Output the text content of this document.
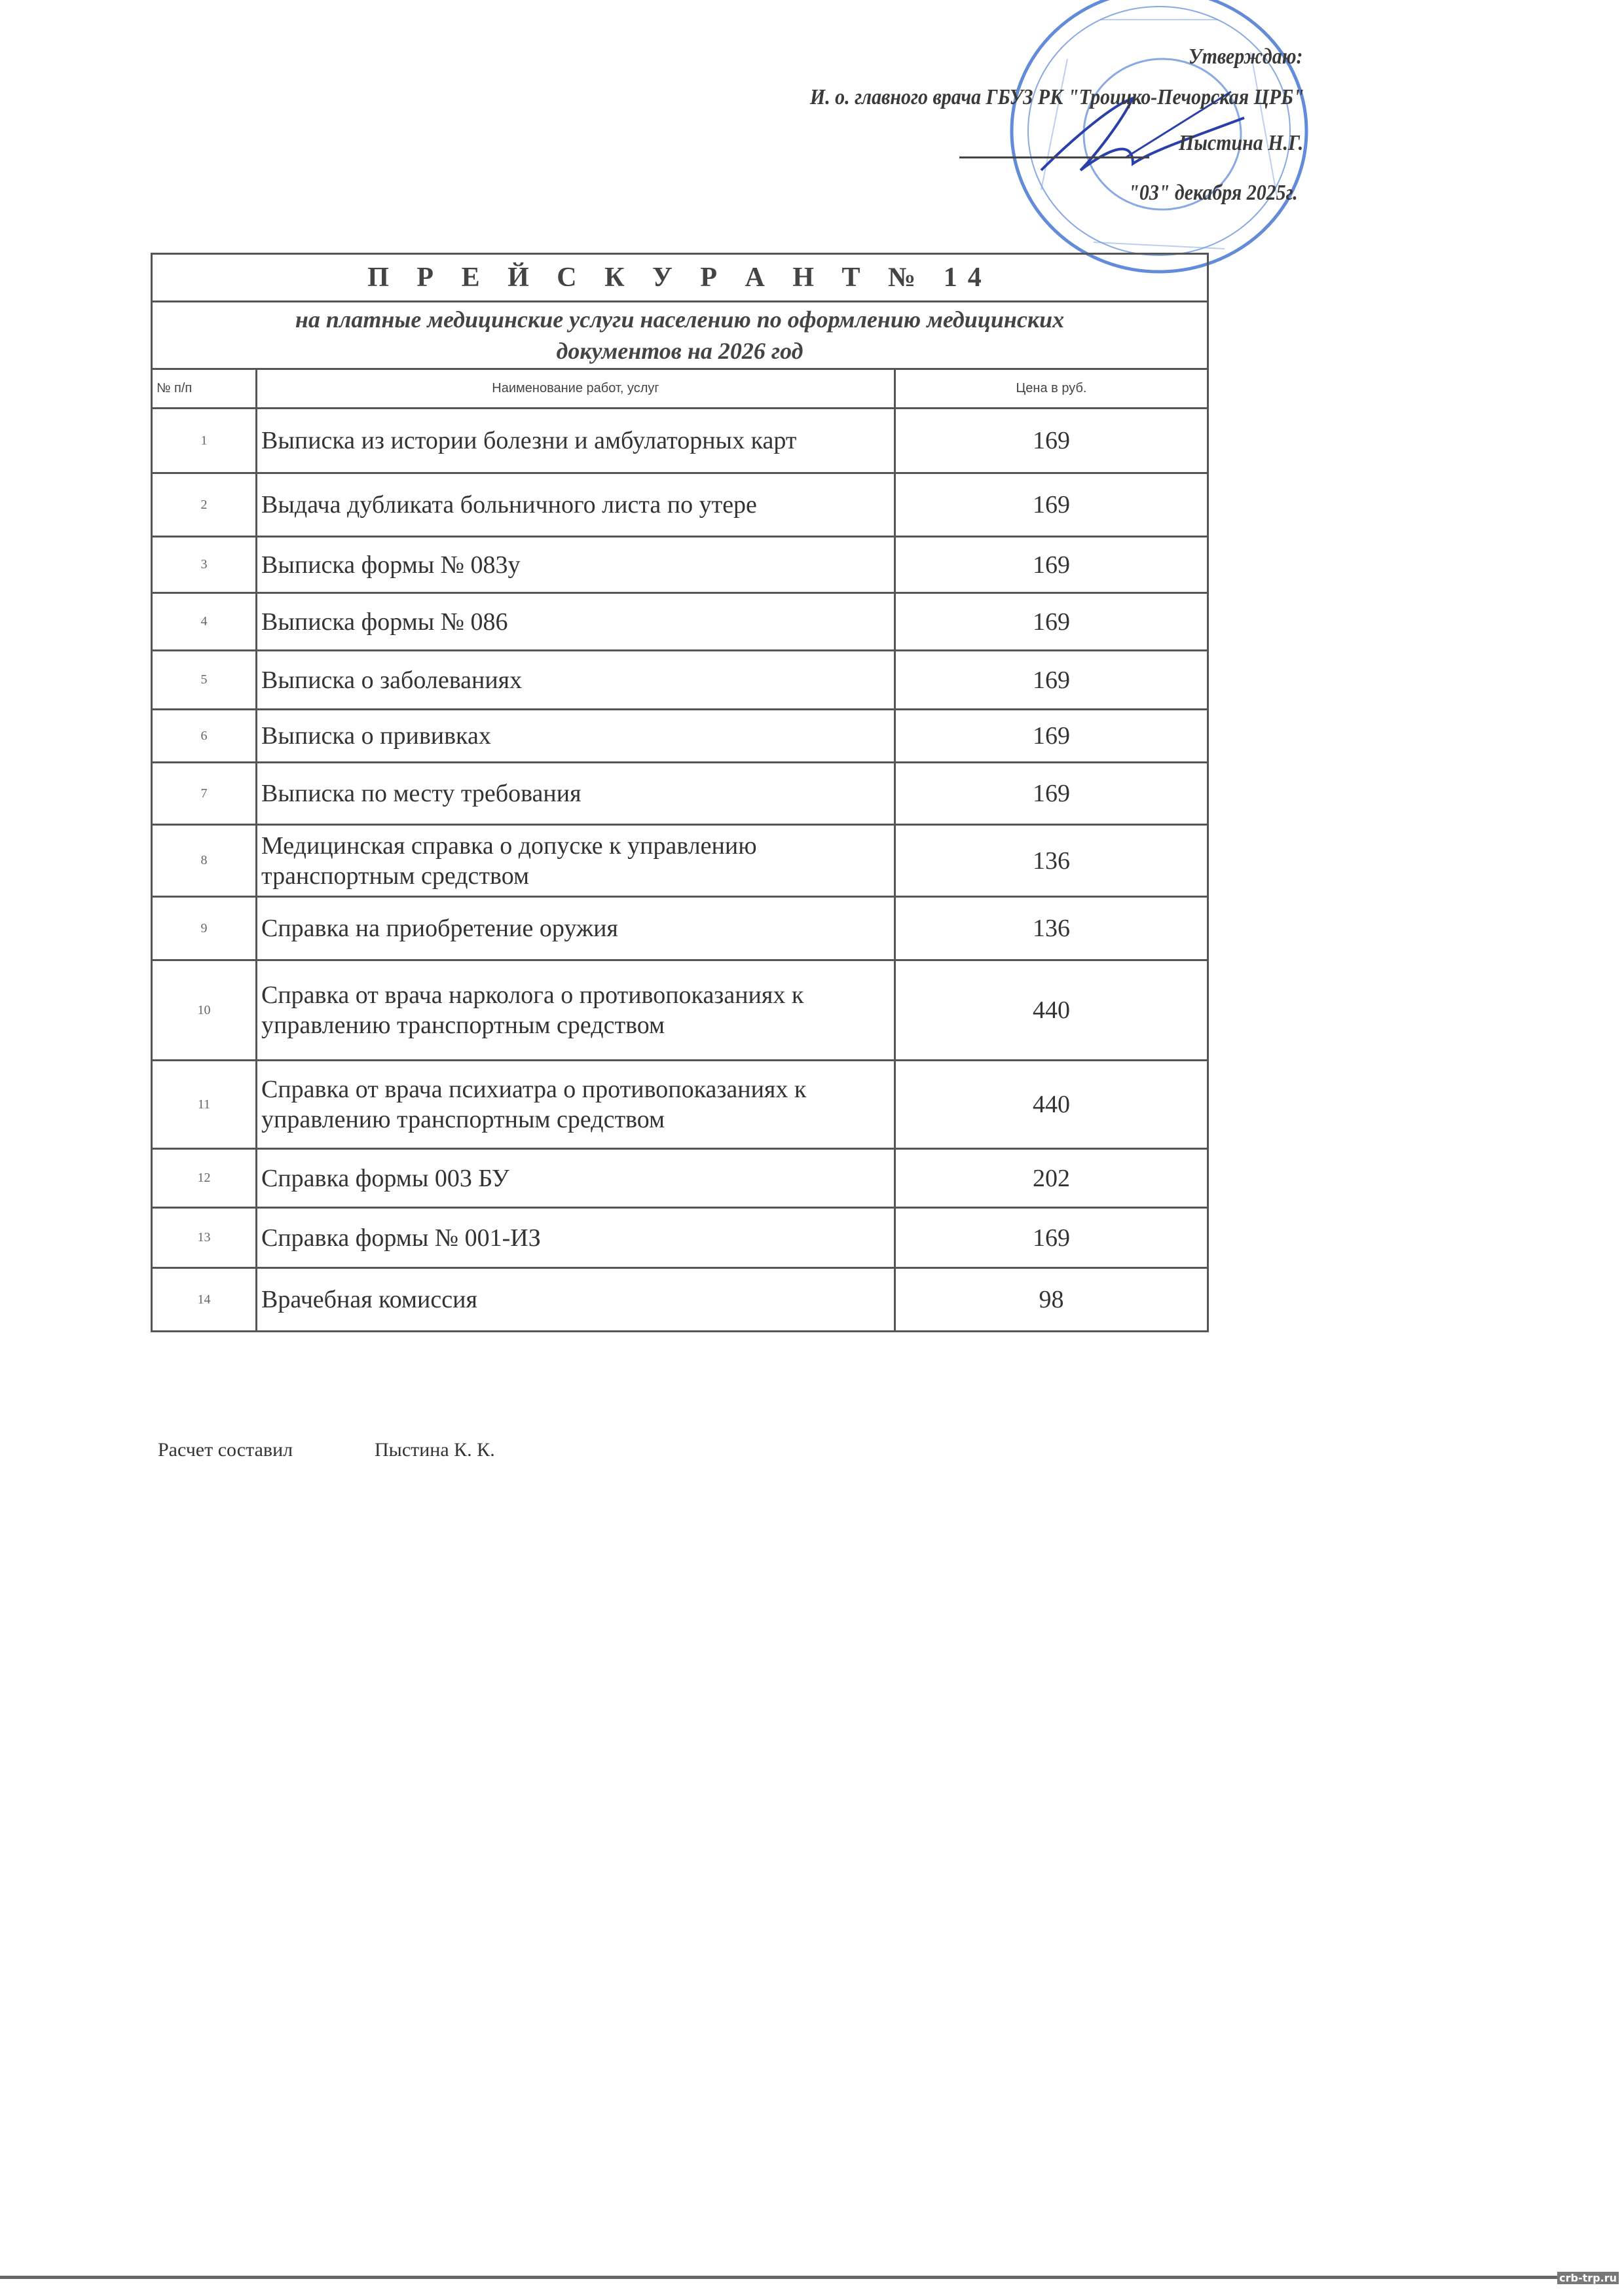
Утверждаю:
И. о. главного врача ГБУЗ РК "Троицко-Печорская ЦРБ"
Пыстина Н.Г.
"03" декабря 2025г.
П Р Е Й С К У Р А Н Т № 14		
на платные медицинские услуги населению по оформлению медицинских
документов на 2026 год		
№ п/п	Наименование работ, услуг	Цена в руб.
1	Выписка из истории болезни и амбулаторных карт	169
2	Выдача дубликата больничного листа по утере	169
3	Выписка формы № 083у	169
4	Выписка формы № 086	169
5	Выписка о заболеваниях	169
6	Выписка о прививках	169
7	Выписка по месту требования	169
8	Медицинская справка о допуске к управлению транспортным средством	136
9	Справка на приобретение оружия	136
10	Справка от врача нарколога о противопоказаниях к управлению транспортным средством	440
11	Справка от врача психиатра о противопоказаниях к управлению транспортным средством	440
12	Справка формы 003 БУ	202
13	Справка формы № 001-ИЗ	169
14	Врачебная комиссия	98
Расчет составил	Пыстина К. К.
crb-trp.ru
